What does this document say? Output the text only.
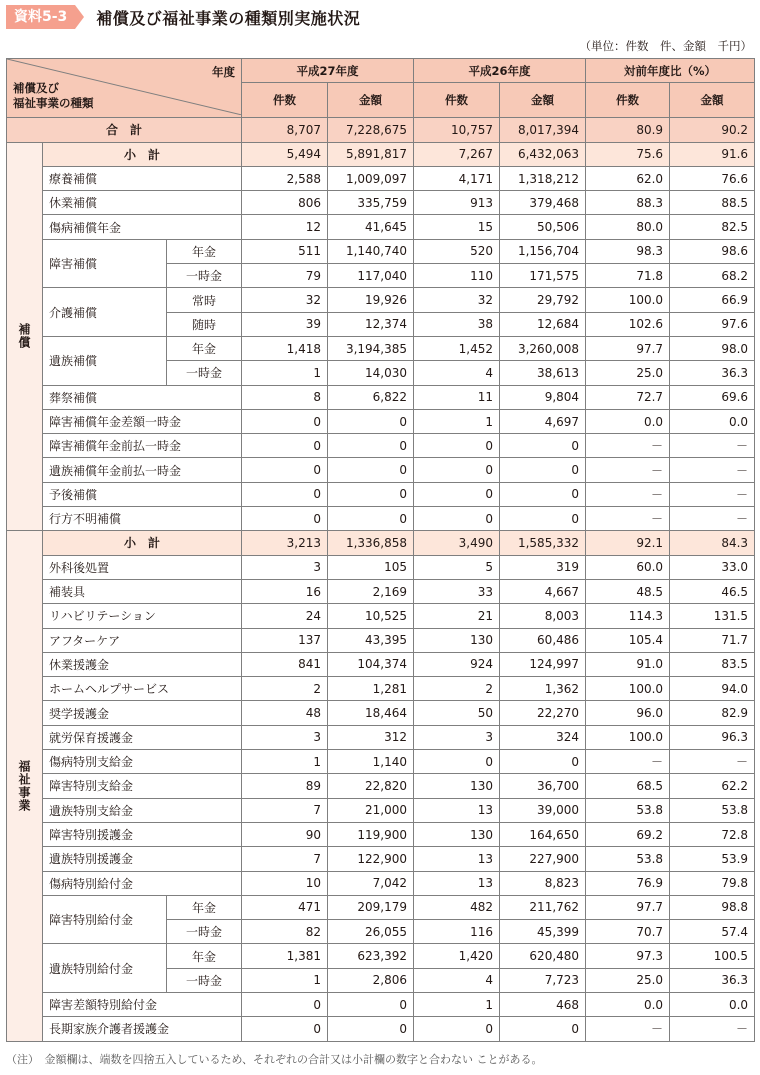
資料5-3	補償及び福祉事業の種類別実施状況
（単位：件数　件、金額　千円）
年度
補償及び
福祉事業の種類			平成27年度		平成26年度		対前年度比（%）	
			件数	金額	件数	金額	件数	金額
合　計			8,707	7,228,675	10,757	8,017,394	80.9	90.2
補償	小　計		5,494	5,891,817	7,267	6,432,063	75.6	91.6
	療養補償		2,588	1,009,097	4,171	1,318,212	62.0	76.6
	休業補償		806	335,759	913	379,468	88.3	88.5
	傷病補償年金		12	41,645	15	50,506	80.0	82.5
	障害補償	年金	511	1,140,740	520	1,156,704	98.3	98.6
		一時金	79	117,040	110	171,575	71.8	68.2
	介護補償	常時	32	19,926	32	29,792	100.0	66.9
		随時	39	12,374	38	12,684	102.6	97.6
	遺族補償	年金	1,418	3,194,385	1,452	3,260,008	97.7	98.0
		一時金	1	14,030	4	38,613	25.0	36.3
	葬祭補償		8	6,822	11	9,804	72.7	69.6
	障害補償年金差額一時金		0	0	1	4,697	0.0	0.0
	障害補償年金前払一時金		0	0	0	0	－	－
	遺族補償年金前払一時金		0	0	0	0	－	－
	予後補償		0	0	0	0	－	－
	行方不明補償		0	0	0	0	－	－
福祉事業	小　計		3,213	1,336,858	3,490	1,585,332	92.1	84.3
	外科後処置		3	105	5	319	60.0	33.0
	補装具		16	2,169	33	4,667	48.5	46.5
	リハビリテーション		24	10,525	21	8,003	114.3	131.5
	アフターケア		137	43,395	130	60,486	105.4	71.7
	休業援護金		841	104,374	924	124,997	91.0	83.5
	ホームヘルプサービス		2	1,281	2	1,362	100.0	94.0
	奨学援護金		48	18,464	50	22,270	96.0	82.9
	就労保育援護金		3	312	3	324	100.0	96.3
	傷病特別支給金		1	1,140	0	0	－	－
	障害特別支給金		89	22,820	130	36,700	68.5	62.2
	遺族特別支給金		7	21,000	13	39,000	53.8	53.8
	障害特別援護金		90	119,900	130	164,650	69.2	72.8
	遺族特別援護金		7	122,900	13	227,900	53.8	53.9
	傷病特別給付金		10	7,042	13	8,823	76.9	79.8
	障害特別給付金	年金	471	209,179	482	211,762	97.7	98.8
		一時金	82	26,055	116	45,399	70.7	57.4
	遺族特別給付金	年金	1,381	623,392	1,420	620,480	97.3	100.5
		一時金	1	2,806	4	7,723	25.0	36.3
	障害差額特別給付金		0	0	1	468	0.0	0.0
	長期家族介護者援護金		0	0	0	0	－	－
（注）　金額欄は、端数を四捨五入しているため、それぞれの合計又は小計欄の数字と合わない ことがある。
